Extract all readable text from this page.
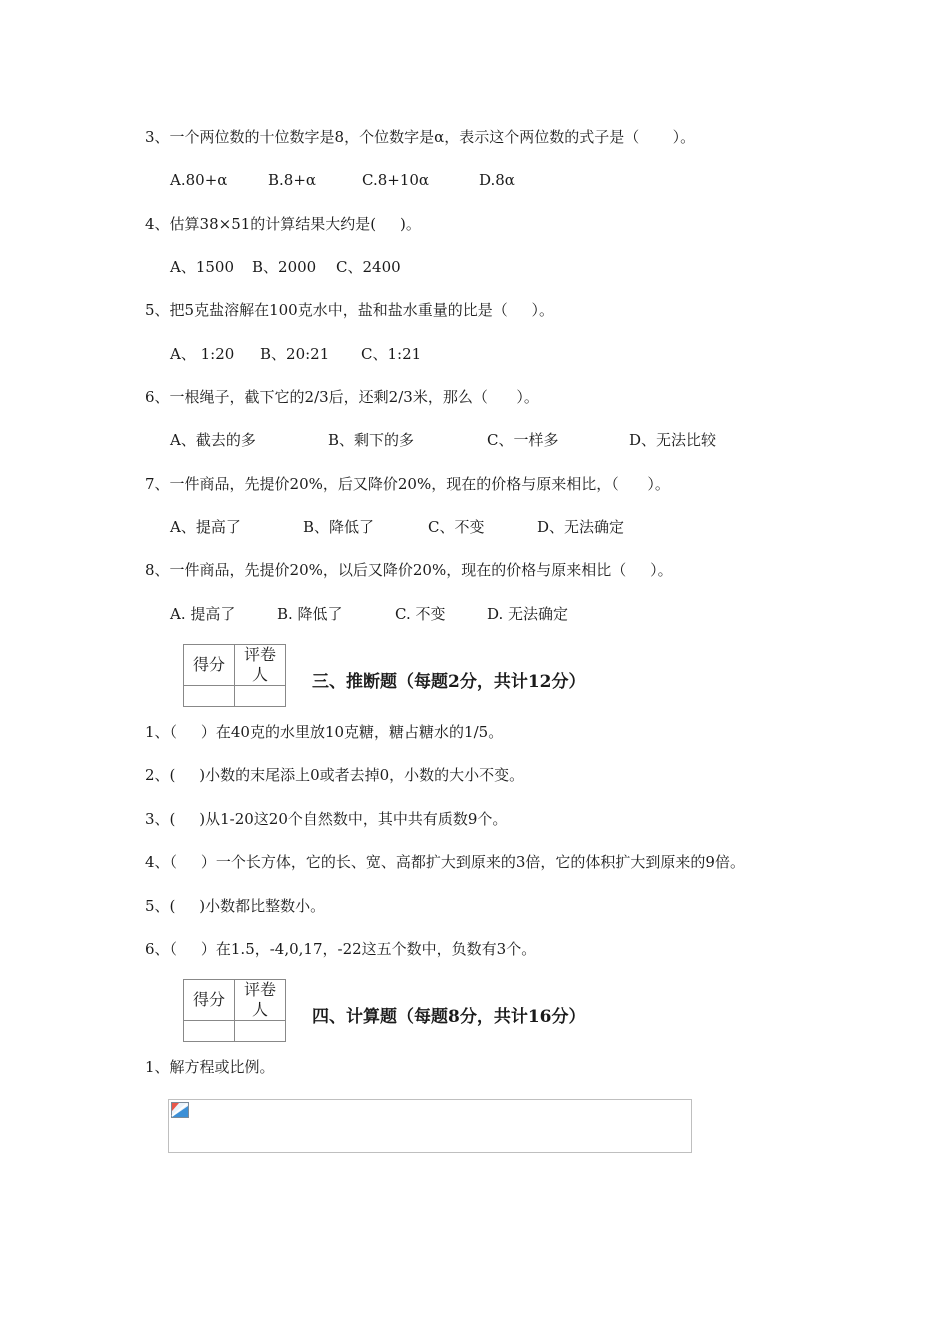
3、一个两位数的十位数字是8，个位数字是α，表示这个两位数的式子是（       ）。
A.80+α	B.8+α	C.8+10α	D.8α
4、估算38×51的计算结果大约是(     )。
A、1500 B、2000 C、2400
5、把5克盐溶解在100克水中，盐和盐水重量的比是（     ）。
A、 1:20 B、20:21 C、1:21
6、一根绳子，截下它的2/3后，还剩2/3米，那么（      ）。
A、截去的多	B、剩下的多	C、一样多	D、无法比较
7、一件商品，先提价20%，后又降价20%，现在的价格与原来相比，（      ）。
A、提高了	B、降低了	C、不变	D、无法确定
8、一件商品，先提价20%，以后又降价20%，现在的价格与原来相比（     ）。
A. 提高了	B. 降低了	C. 不变	D. 无法确定
得分	评卷人
		三、推断题（每题2分，共计12分）
1、（     ）在40克的水里放10克糖，糖占糖水的1/5。
2、(     )小数的末尾添上0或者去掉0，小数的大小不变。
3、(     )从1-20这20个自然数中，其中共有质数9个。
4、（     ）一个长方体，它的长、宽、高都扩大到原来的3倍，它的体积扩大到原来的9倍。
5、(     )小数都比整数小。
6、（     ）在1.5，-4,0,17，-22这五个数中，负数有3个。
得分	评卷人
		四、计算题（每题8分，共计16分）
1、解方程或比例。
